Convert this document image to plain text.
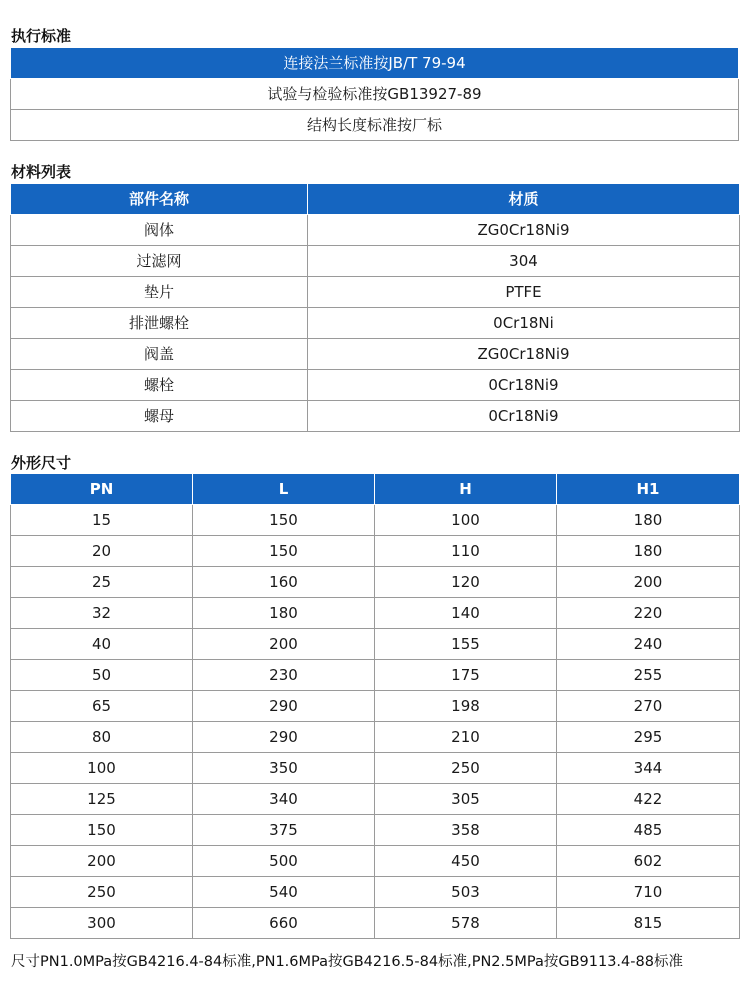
执行标准
连接法兰标准按JB/T 79-94
试验与检验标准按GB13927-89
结构长度标准按厂标
材料列表
部件名称	材质
阀体	ZG0Cr18Ni9
过滤网	304
垫片	PTFE
排泄螺栓	0Cr18Ni
阀盖	ZG0Cr18Ni9
螺栓	0Cr18Ni9
螺母	0Cr18Ni9
外形尺寸
PN	L	H	H1
15	150	100	180
20	150	110	180
25	160	120	200
32	180	140	220
40	200	155	240
50	230	175	255
65	290	198	270
80	290	210	295
100	350	250	344
125	340	305	422
150	375	358	485
200	500	450	602
250	540	503	710
300	660	578	815
尺寸PN1.0MPa按GB4216.4-84标准,PN1.6MPa按GB4216.5-84标准,PN2.5MPa按GB9113.4-88标准
